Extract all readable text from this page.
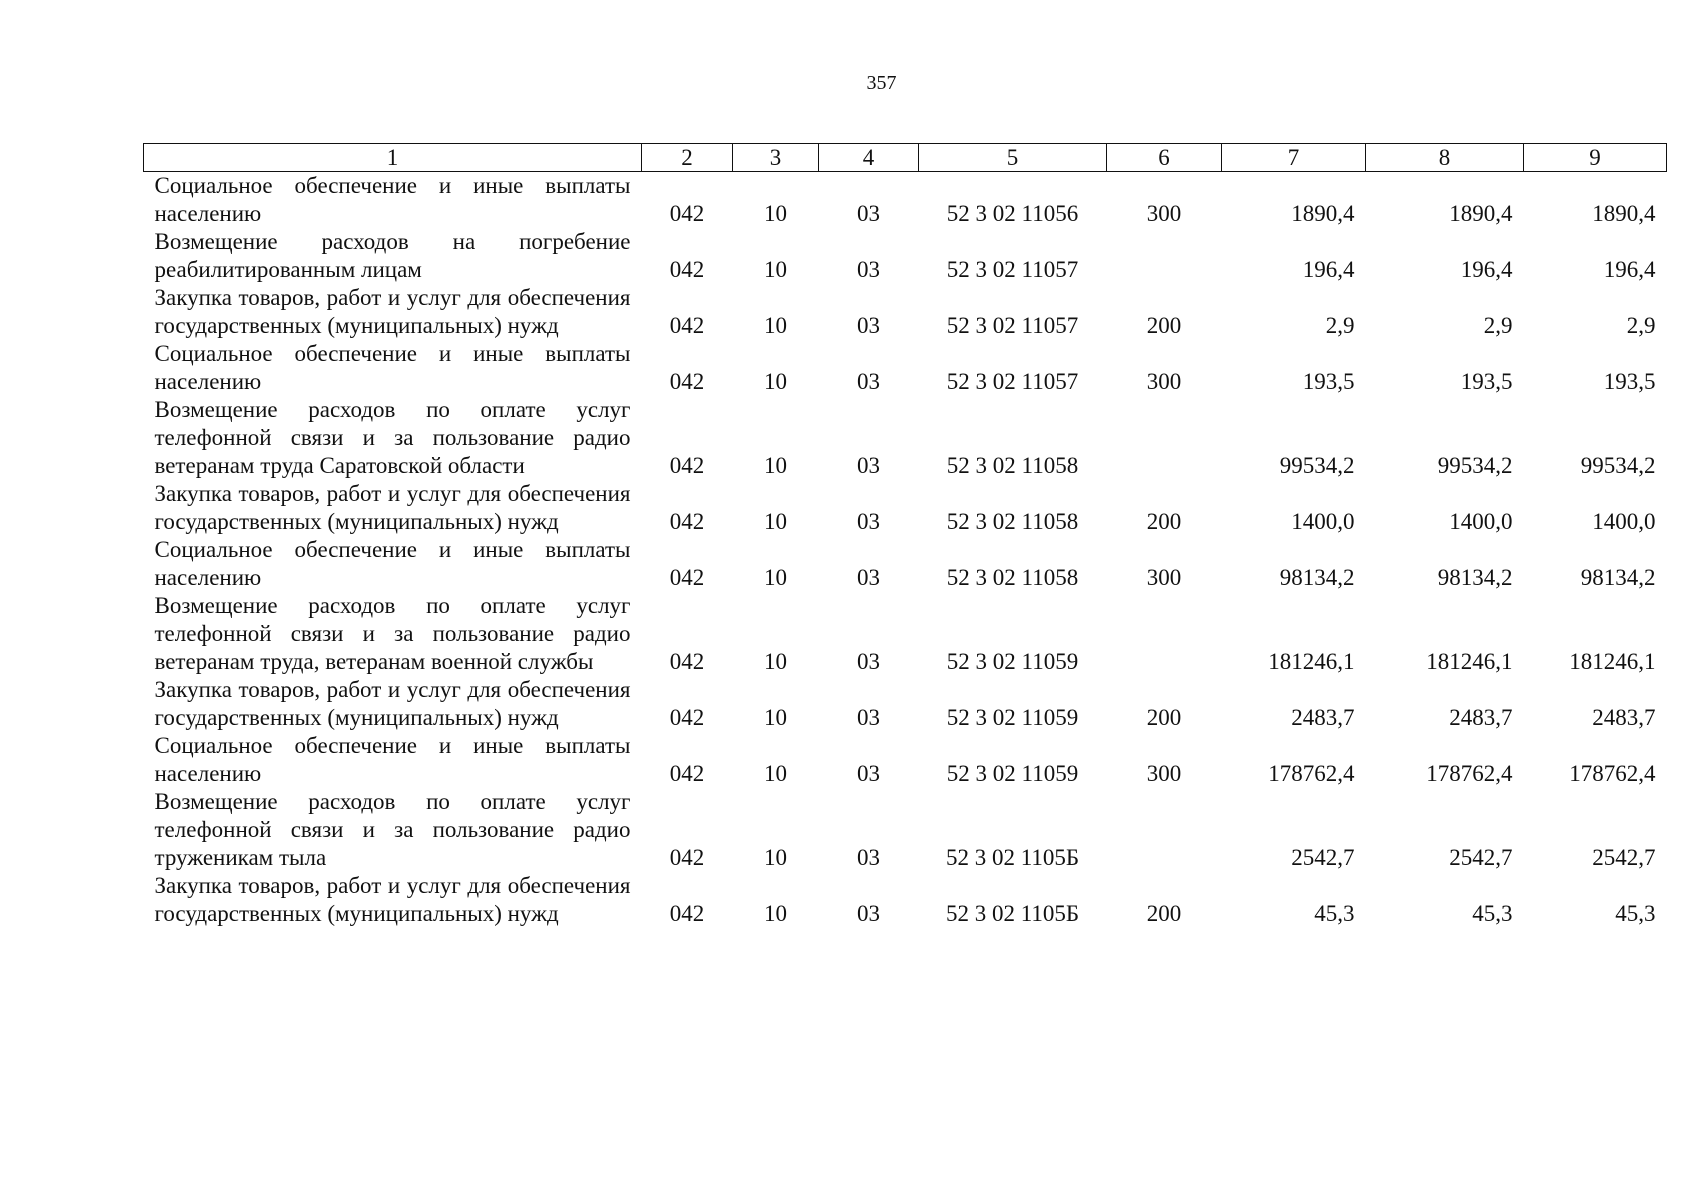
357
1	2	3	4	5	6	7	8	9
Социальное обеспечение и иные выплаты населению	042	10	03	52 3 02 11056	300	1890,4	1890,4	1890,4
Возмещение расходов на погребение реабилитированным лицам	042	10	03	52 3 02 11057		196,4	196,4	196,4
Закупка товаров, работ и услуг для обеспечения государственных (муниципальных) нужд	042	10	03	52 3 02 11057	200	2,9	2,9	2,9
Социальное обеспечение и иные выплаты населению	042	10	03	52 3 02 11057	300	193,5	193,5	193,5
Возмещение расходов по оплате услуг телефонной связи и за пользование радио ветеранам труда Саратовской области	042	10	03	52 3 02 11058		99534,2	99534,2	99534,2
Закупка товаров, работ и услуг для обеспечения государственных (муниципальных) нужд	042	10	03	52 3 02 11058	200	1400,0	1400,0	1400,0
Социальное обеспечение и иные выплаты населению	042	10	03	52 3 02 11058	300	98134,2	98134,2	98134,2
Возмещение расходов по оплате услуг телефонной связи и за пользование радио ветеранам труда, ветеранам военной службы	042	10	03	52 3 02 11059		181246,1	181246,1	181246,1
Закупка товаров, работ и услуг для обеспечения государственных (муниципальных) нужд	042	10	03	52 3 02 11059	200	2483,7	2483,7	2483,7
Социальное обеспечение и иные выплаты населению	042	10	03	52 3 02 11059	300	178762,4	178762,4	178762,4
Возмещение расходов по оплате услуг телефонной связи и за пользование радио труженикам тыла	042	10	03	52 3 02 1105Б		2542,7	2542,7	2542,7
Закупка товаров, работ и услуг для обеспечения государственных (муниципальных) нужд	042	10	03	52 3 02 1105Б	200	45,3	45,3	45,3
